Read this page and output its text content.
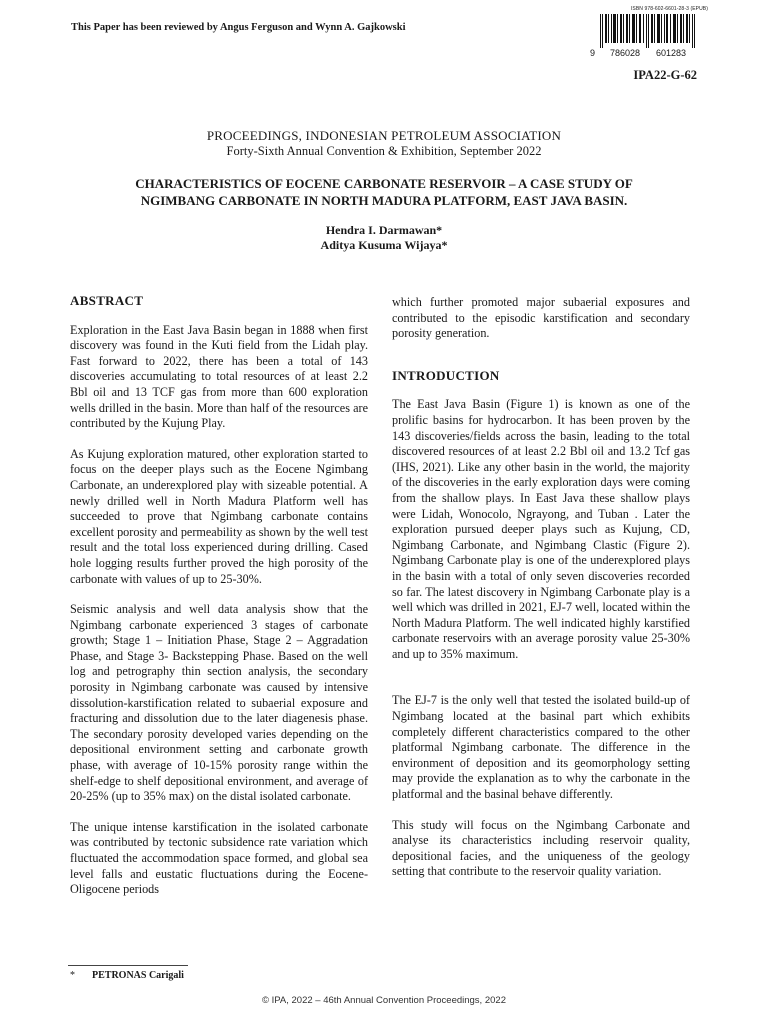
This Paper has been reviewed by Angus Ferguson and Wynn A. Gajkowski
ISBN 978-602-6601-28-3 (EPUB)
9 786028 601283
IPA22-G-62
PROCEEDINGS, INDONESIAN PETROLEUM ASSOCIATION
Forty-Sixth Annual Convention & Exhibition, September 2022
CHARACTERISTICS OF EOCENE CARBONATE RESERVOIR – A CASE STUDY OF
NGIMBANG CARBONATE IN NORTH MADURA PLATFORM, EAST JAVA BASIN.
Hendra I. Darmawan*
Aditya Kusuma Wijaya*
ABSTRACT

Exploration in the East Java Basin began in 1888 when first discovery was found in the Kuti field from the Lidah play. Fast forward to 2022, there has been a total of 143 discoveries accumulating to total resources of at least 2.2 Bbl oil and 13 TCF gas from more than 600 exploration wells drilled in the basin. More than half of the resources are contributed by the Kujung Play.

As Kujung exploration matured, other exploration started to focus on the deeper plays such as the Eocene Ngimbang Carbonate, an underexplored play with sizeable potential. A newly drilled well in North Madura Platform well has succeeded to prove that Ngimbang carbonate contains excellent porosity and permeability as shown by the well test result and the total loss experienced during drilling. Cased hole logging results further proved the high porosity of the carbonate with values of up to 25-30%.

Seismic analysis and well data analysis show that the Ngimbang carbonate experienced 3 stages of carbonate growth; Stage 1 – Initiation Phase, Stage 2 – Aggradation Phase, and Stage 3- Backstepping Phase. Based on the well log and petrography thin section analysis, the secondary porosity in Ngimbang carbonate was caused by intensive dissolution-karstification related to subaerial exposure and fracturing and dissolution due to the later diagenesis phase. The secondary porosity developed varies depending on the depositional environment setting and carbonate growth phase, with average of 10-15% porosity range within the shelf-edge to shelf depositional environment, and average of 20-25% (up to 35% max) on the distal isolated carbonate.

The unique intense karstification in the isolated carbonate was contributed by tectonic subsidence rate variation which fluctuated the accommodation space formed, and global sea level falls and eustatic fluctuations during the Eocene-Oligocene periods

which further promoted major subaerial exposures and contributed to the episodic karstification and secondary porosity generation.

INTRODUCTION

The East Java Basin (Figure 1) is known as one of the prolific basins for hydrocarbon. It has been proven by the 143 discoveries/fields across the basin, leading to the total discovered resources of at least 2.2 Bbl oil and 13.2 Tcf gas (IHS, 2021). Like any other basin in the world, the majority of the discoveries in the early exploration days were coming from the shallow plays. In East Java these shallow plays were Lidah, Wonocolo, Ngrayong, and Tuban . Later the exploration pursued deeper plays such as Kujung, CD, Ngimbang Carbonate, and Ngimbang Clastic (Figure 2). Ngimbang Carbonate play is one of the underexplored plays in the basin with a total of only seven discoveries recorded so far. The latest discovery in Ngimbang Carbonate play is a well which was drilled in 2021, EJ-7 well, located within the North Madura Platform. The well indicated highly karstified carbonate reservoirs with an average porosity value 25-30% and up to 35% maximum.

The EJ-7 is the only well that tested the isolated build-up of Ngimbang located at the basinal part which exhibits completely different characteristics compared to the other platformal Ngimbang carbonate. The difference in the environment of deposition and its geomorphology setting may provide the explanation as to why the carbonate in the platformal and the basinal behave differently.

This study will focus on the Ngimbang Carbonate and analyse its characteristics including reservoir quality, depositional facies, and the uniqueness of the geology setting that contribute to the reservoir quality variation.

* PETRONAS Carigali
© IPA, 2022 – 46th Annual Convention Proceedings, 2022
